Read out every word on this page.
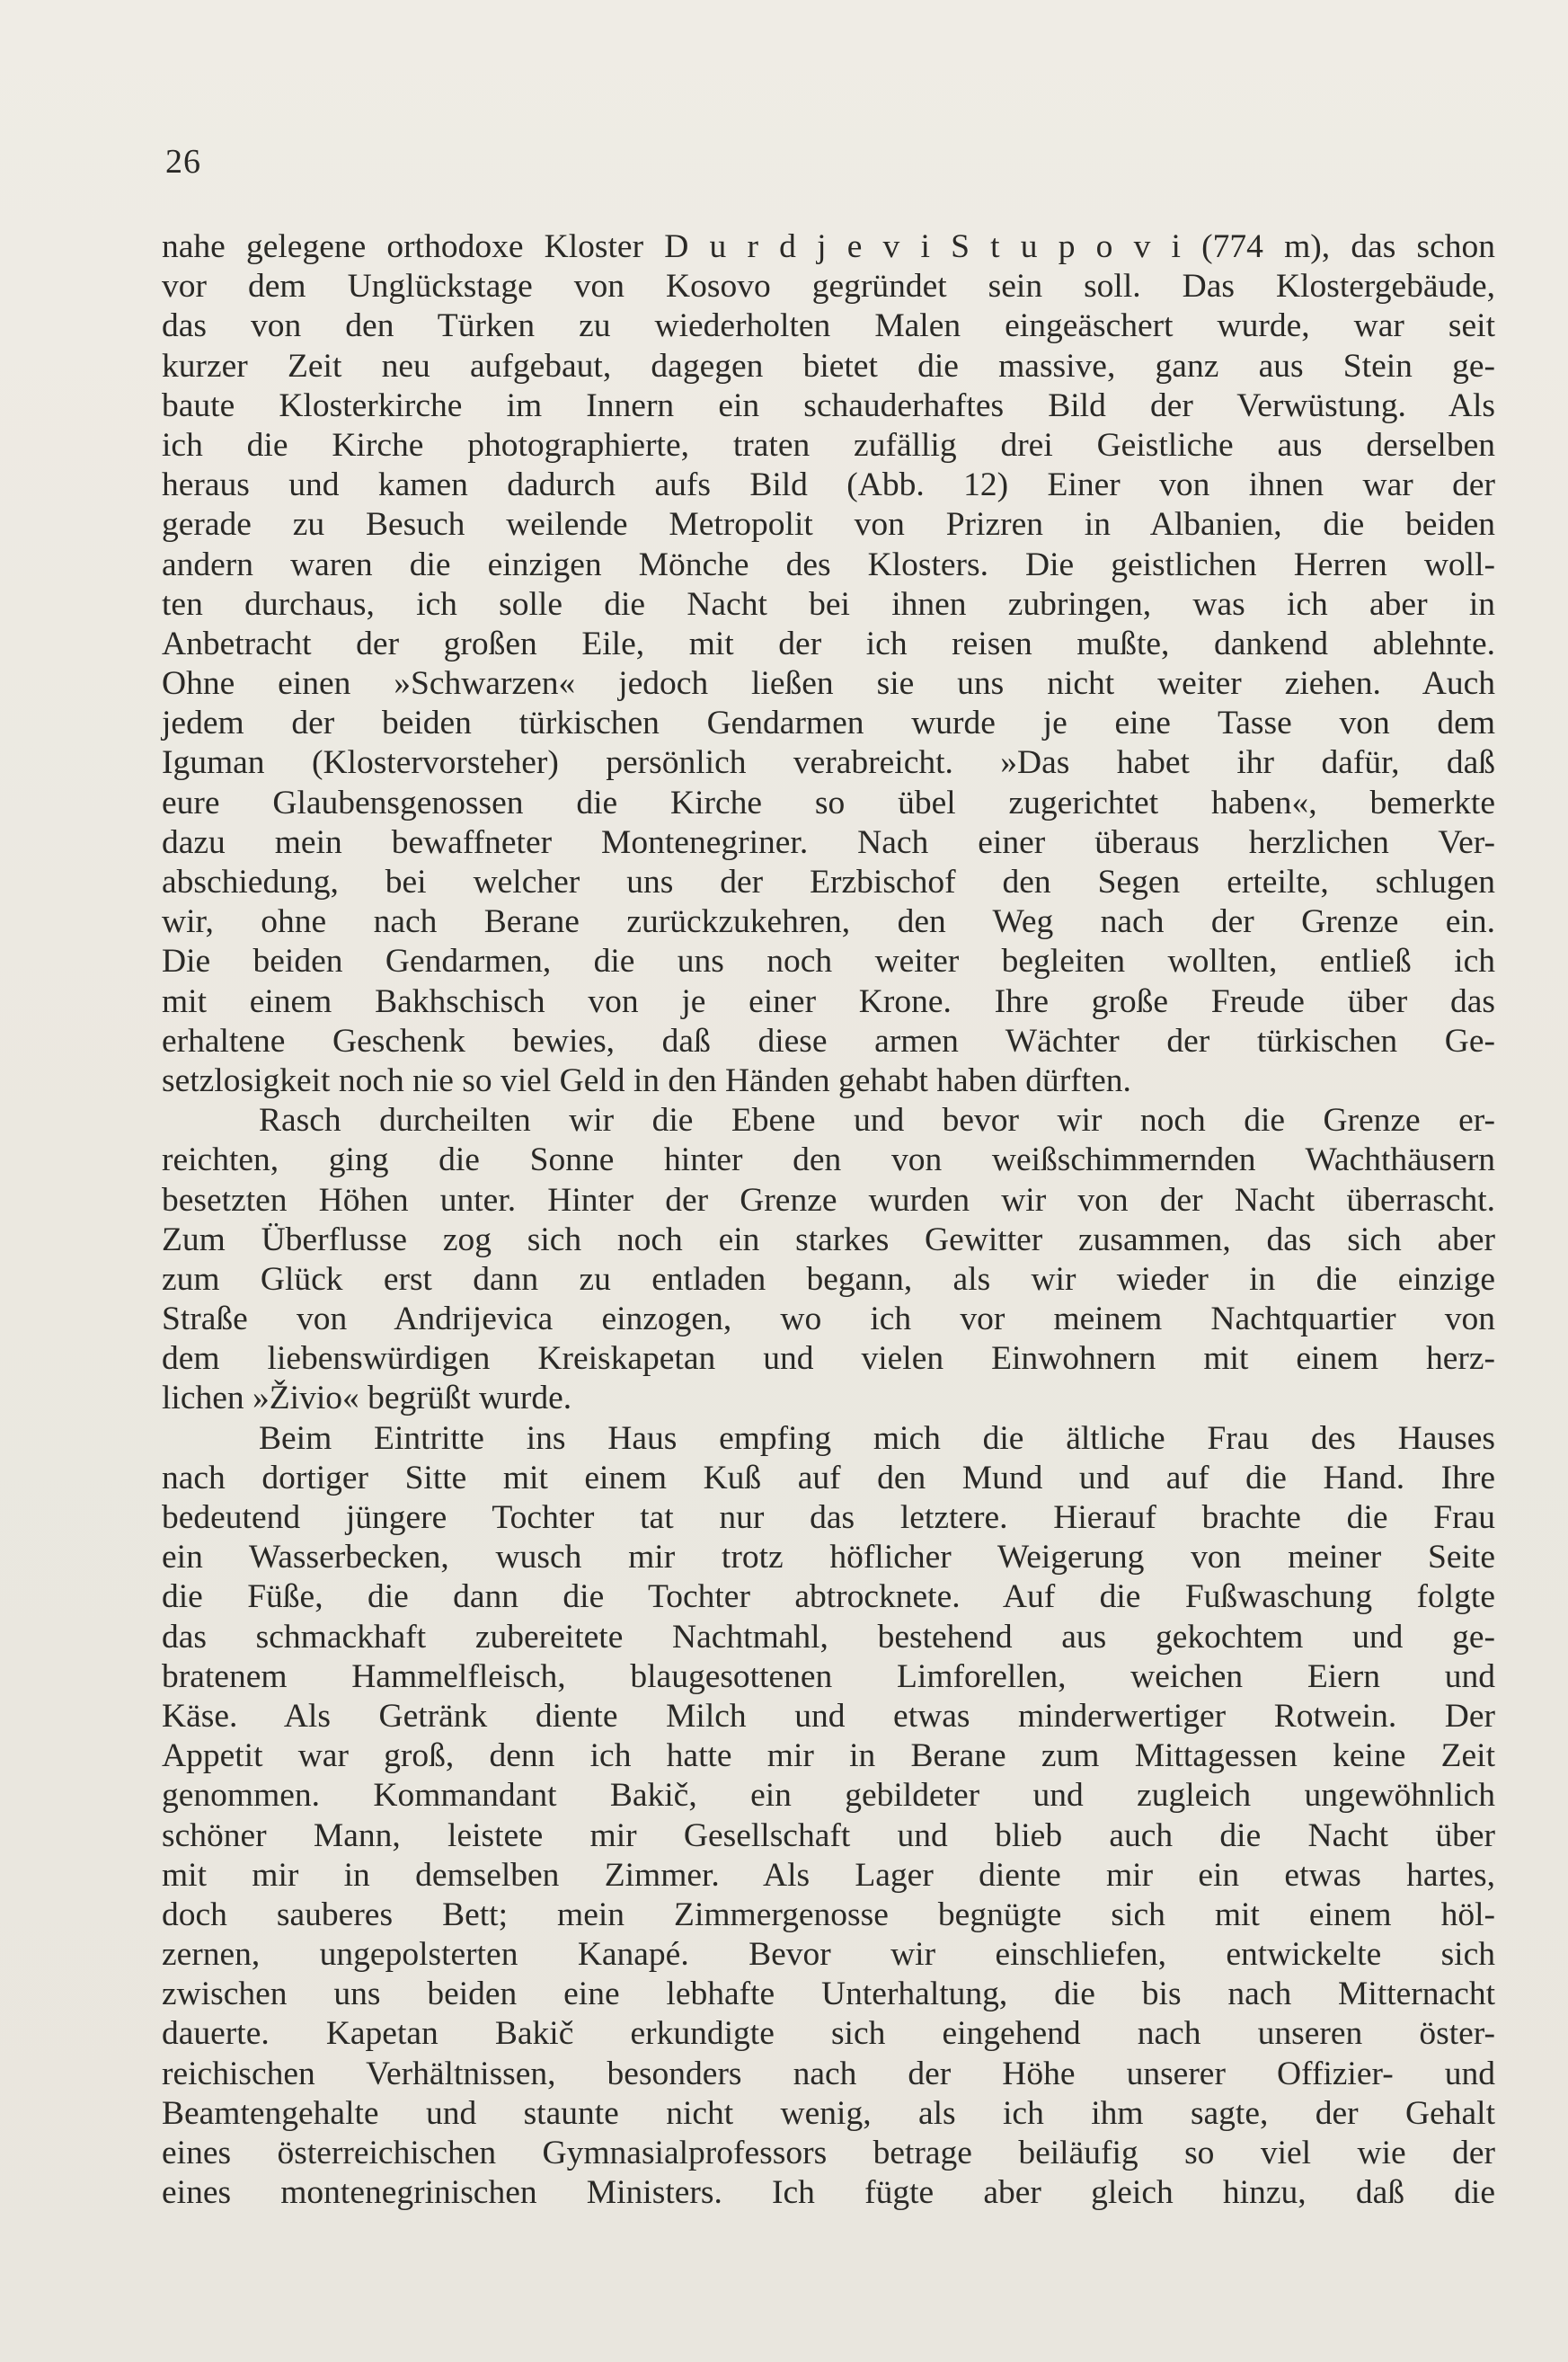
26
nahe gelegene orthodoxe Kloster D u r d j e v i S t u p o v i (774 m), das schon
vor dem Unglückstage von Kosovo gegründet sein soll. Das Klostergebäude,
das von den Türken zu wiederholten Malen eingeäschert wurde, war seit
kurzer Zeit neu aufgebaut, dagegen bietet die massive, ganz aus Stein ge-
baute Klosterkirche im Innern ein schauderhaftes Bild der Verwüstung. Als
ich die Kirche photographierte, traten zufällig drei Geistliche aus derselben
heraus und kamen dadurch aufs Bild (Abb. 12) Einer von ihnen war der
gerade zu Besuch weilende Metropolit von Prizren in Albanien, die beiden
andern waren die einzigen Mönche des Klosters. Die geistlichen Herren woll-
ten durchaus, ich solle die Nacht bei ihnen zubringen, was ich aber in
Anbetracht der großen Eile, mit der ich reisen mußte, dankend ablehnte.
Ohne einen »Schwarzen« jedoch ließen sie uns nicht weiter ziehen. Auch
jedem der beiden türkischen Gendarmen wurde je eine Tasse von dem
Iguman (Klostervorsteher) persönlich verabreicht. »Das habet ihr dafür, daß
eure Glaubensgenossen die Kirche so übel zugerichtet haben«, bemerkte
dazu mein bewaffneter Montenegriner. Nach einer überaus herzlichen Ver-
abschiedung, bei welcher uns der Erzbischof den Segen erteilte, schlugen
wir, ohne nach Berane zurückzukehren, den Weg nach der Grenze ein.
Die beiden Gendarmen, die uns noch weiter begleiten wollten, entließ ich
mit einem Bakhschisch von je einer Krone. Ihre große Freude über das
erhaltene Geschenk bewies, daß diese armen Wächter der türkischen Ge-
setzlosigkeit noch nie so viel Geld in den Händen gehabt haben dürften.
Rasch durcheilten wir die Ebene und bevor wir noch die Grenze er-
reichten, ging die Sonne hinter den von weißschimmernden Wachthäusern
besetzten Höhen unter. Hinter der Grenze wurden wir von der Nacht überrascht.
Zum Überflusse zog sich noch ein starkes Gewitter zusammen, das sich aber
zum Glück erst dann zu entladen begann, als wir wieder in die einzige
Straße von Andrijevica einzogen, wo ich vor meinem Nachtquartier von
dem liebenswürdigen Kreiskapetan und vielen Einwohnern mit einem herz-
lichen »Živio« begrüßt wurde.
Beim Eintritte ins Haus empfing mich die ältliche Frau des Hauses
nach dortiger Sitte mit einem Kuß auf den Mund und auf die Hand. Ihre
bedeutend jüngere Tochter tat nur das letztere. Hierauf brachte die Frau
ein Wasserbecken, wusch mir trotz höflicher Weigerung von meiner Seite
die Füße, die dann die Tochter abtrocknete. Auf die Fußwaschung folgte
das schmackhaft zubereitete Nachtmahl, bestehend aus gekochtem und ge-
bratenem Hammelfleisch, blaugesottenen Limforellen, weichen Eiern und
Käse. Als Getränk diente Milch und etwas minderwertiger Rotwein. Der
Appetit war groß, denn ich hatte mir in Berane zum Mittagessen keine Zeit
genommen. Kommandant Bakič, ein gebildeter und zugleich ungewöhnlich
schöner Mann, leistete mir Gesellschaft und blieb auch die Nacht über
mit mir in demselben Zimmer. Als Lager diente mir ein etwas hartes,
doch sauberes Bett; mein Zimmergenosse begnügte sich mit einem höl-
zernen, ungepolsterten Kanapé. Bevor wir einschliefen, entwickelte sich
zwischen uns beiden eine lebhafte Unterhaltung, die bis nach Mitternacht
dauerte. Kapetan Bakič erkundigte sich eingehend nach unseren öster-
reichischen Verhältnissen, besonders nach der Höhe unserer Offizier- und
Beamtengehalte und staunte nicht wenig, als ich ihm sagte, der Gehalt
eines österreichischen Gymnasialprofessors betrage beiläufig so viel wie der
eines montenegrinischen Ministers. Ich fügte aber gleich hinzu, daß die
